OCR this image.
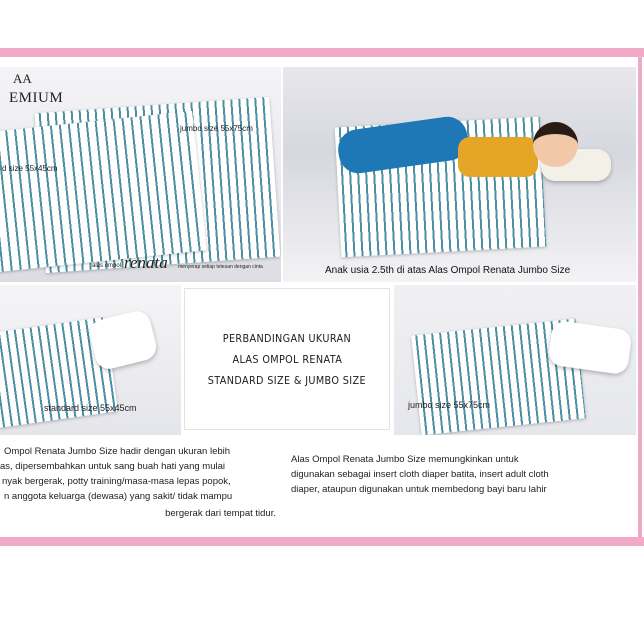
AA
EMIUM
jumbo size 55x75cm
d size 55x45cm
alas ompol renata menyerap setiap tetesan dengan cinta	Anak usia 2.5th di atas Alas Ompol Renata Jumbo Size
standard size 55x45cm
PERBANDINGAN UKURAN
ALAS OMPOL RENATA
STANDARD SIZE & JUMBO SIZE
jumbo size 55x75cm
Ompol Renata Jumbo Size hadir dengan ukuran lebih
as, dipersembahkan untuk sang buah hati yang mulai
nyak bergerak, potty training/masa-masa lepas popok,
n anggota keluarga (dewasa) yang sakit/ tidak mampu
bergerak dari tempat tidur.
Alas Ompol Renata Jumbo Size memungkinkan untuk
digunakan sebagai insert cloth diaper batita, insert adult cloth
diaper, ataupun digunakan untuk membedong bayi baru lahir
